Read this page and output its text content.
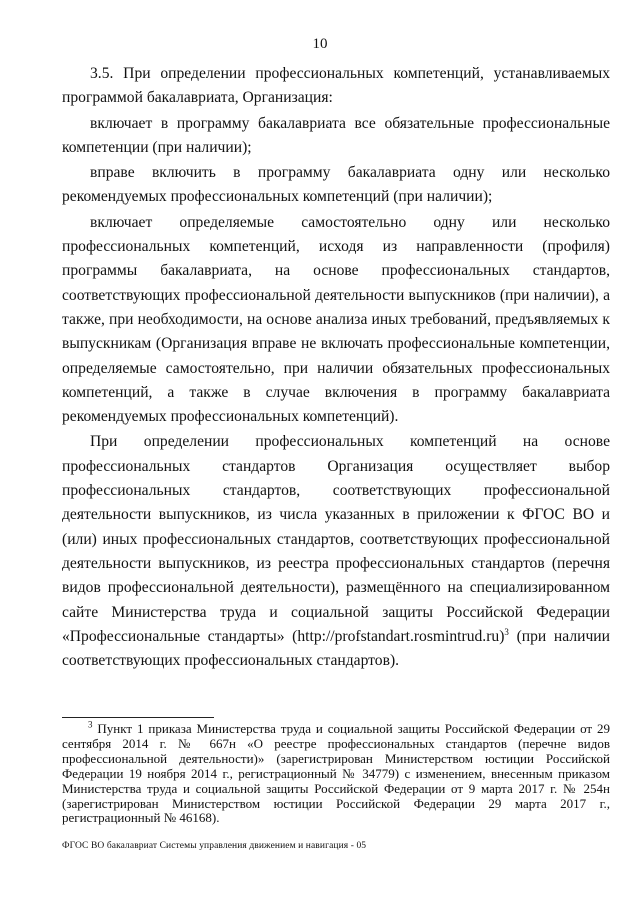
10

3.5. При определении профессиональных компетенций, устанавливаемых программой бакалавриата, Организация:

включает в программу бакалавриата все обязательные профессиональные компетенции (при наличии);

вправе включить в программу бакалавриата одну или несколько рекомендуемых профессиональных компетенций (при наличии);

включает определяемые самостоятельно одну или несколько профессиональных компетенций, исходя из направленности (профиля) программы бакалавриата, на основе профессиональных стандартов, соответствующих профессиональной деятельности выпускников (при наличии), а также, при необходимости, на основе анализа иных требований, предъявляемых к выпускникам (Организация вправе не включать профессиональные компетенции, определяемые самостоятельно, при наличии обязательных профессиональных компетенций, а также в случае включения в программу бакалавриата рекомендуемых профессиональных компетенций).

При определении профессиональных компетенций на основе профессиональных стандартов Организация осуществляет выбор профессиональных стандартов, соответствующих профессиональной деятельности выпускников, из числа указанных в приложении к ФГОС ВО и (или) иных профессиональных стандартов, соответствующих профессиональной деятельности выпускников, из реестра профессиональных стандартов (перечня видов профессиональной деятельности), размещённого на специализированном сайте Министерства труда и социальной защиты Российской Федерации «Профессиональные стандарты» (http://profstandart.rosmintrud.ru)$^3$ (при наличии соответствующих профессиональных стандартов).

$^3$ Пункт 1 приказа Министерства труда и социальной защиты Российской Федерации от 29 сентября 2014 г. № 667н «О реестре профессиональных стандартов (перечне видов профессиональной деятельности)» (зарегистрирован Министерством юстиции Российской Федерации 19 ноября 2014 г., регистрационный № 34779) с изменением, внесенным приказом Министерства труда и социальной защиты Российской Федерации от 9 марта 2017 г. № 254н (зарегистрирован Министерством юстиции Российской Федерации 29 марта 2017 г., регистрационный № 46168).

ФГОС ВО бакалавриат Системы управления движением и навигация - 05
